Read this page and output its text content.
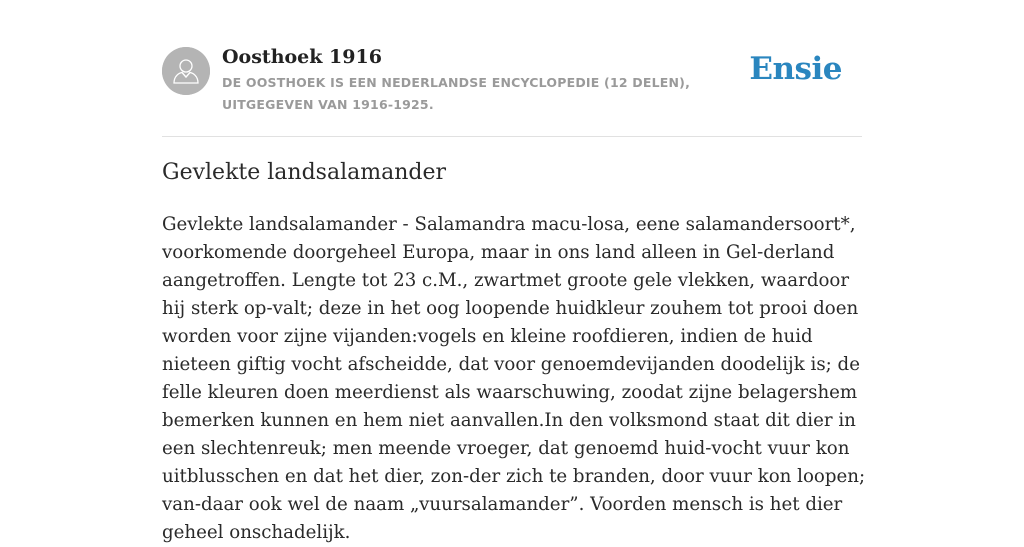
Oosthoek 1916

DE OOSTHOEK IS EEN NEDERLANDSE ENCYCLOPEDIE (12 DELEN), UITGEGEVEN VAN 1916-1925.

Ensie
Gevlekte landsalamander

Gevlekte landsalamander - Salamandra macu-losa, eene salamandersoort*, voorkomende doorgeheel Europa, maar in ons land alleen in Gel-derland aangetroffen. Lengte tot 23 c.M., zwartmet groote gele vlekken, waardoor hij sterk op-valt; deze in het oog loopende huidkleur zouhem tot prooi doen worden voor zijne vijanden:vogels en kleine roofdieren, indien de huid nieteen giftig vocht afscheidde, dat voor genoemdevijanden doodelijk is; de felle kleuren doen meerdienst als waarschuwing, zoodat zijne belagershem bemerken kunnen en hem niet aanvallen.In den volksmond staat dit dier in een slechtenreuk; men meende vroeger, dat genoemd huid-vocht vuur kon uitblusschen en dat het dier, zon-der zich te branden, door vuur kon loopen; van-daar ook wel de naam „vuursalamander”. Voorden mensch is het dier geheel onschadelijk.
